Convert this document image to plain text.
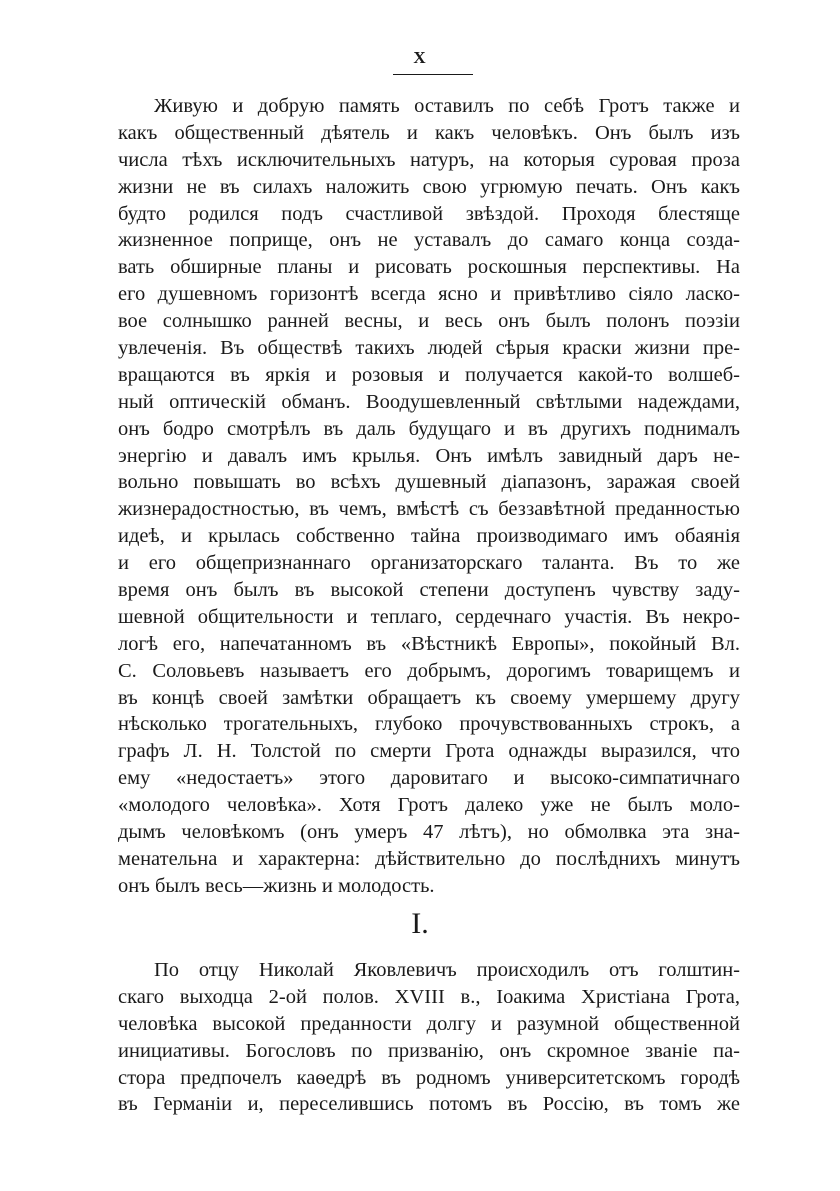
X
Живую и добрую память оставилъ по себѣ Гротъ также и
какъ общественный дѣятель и какъ человѣкъ. Онъ былъ изъ
числа тѣхъ исключительныхъ натуръ, на которыя суровая проза
жизни не въ силахъ наложить свою угрюмую печать. Онъ какъ
будто родился подъ счастливой звѣздой. Проходя блестяще
жизненное поприще, онъ не уставалъ до самаго конца созда-
вать обширные планы и рисовать роскошныя перспективы. На
его душевномъ горизонтѣ всегда ясно и привѣтливо сіяло ласко-
вое солнышко ранней весны, и весь онъ былъ полонъ поэзіи
увлеченія. Въ обществѣ такихъ людей сѣрыя краски жизни пре-
вращаются въ яркія и розовыя и получается какой-то волшеб-
ный оптическій обманъ. Воодушевленный свѣтлыми надеждами,
онъ бодро смотрѣлъ въ даль будущаго и въ другихъ поднималъ
энергію и давалъ имъ крылья. Онъ имѣлъ завидный даръ не-
вольно повышать во всѣхъ душевный діапазонъ, заражая своей
жизнерадостностью, въ чемъ, вмѣстѣ съ беззавѣтной преданностью
идеѣ, и крылась собственно тайна производимаго имъ обаянія
и его общепризнаннаго организаторскаго таланта. Въ то же
время онъ былъ въ высокой степени доступенъ чувству заду-
шевной общительности и теплаго, сердечнаго участія. Въ некро-
логѣ его, напечатанномъ въ «Вѣстникѣ Европы», покойный Вл.
С. Соловьевъ называетъ его добрымъ, дорогимъ товарищемъ и
въ концѣ своей замѣтки обращаетъ къ своему умершему другу
нѣсколько трогательныхъ, глубоко прочувствованныхъ строкъ, а
графъ Л. Н. Толстой по смерти Грота однажды выразился, что
ему «недостаетъ» этого даровитаго и высоко-симпатичнаго
«молодого человѣка». Хотя Гротъ далеко уже не былъ моло-
дымъ человѣкомъ (онъ умеръ 47 лѣтъ), но обмолвка эта зна-
менательна и характерна: дѣйствительно до послѣднихъ минутъ
онъ былъ весь—жизнь и молодость.
I.
По отцу Николай Яковлевичъ происходилъ отъ голштин-
скаго выходца 2-ой полов. XVIII в., Іоакима Христіана Грота,
человѣка высокой преданности долгу и разумной общественной
инициативы. Богословъ по призванію, онъ скромное званіе па-
стора предпочелъ каѳедрѣ въ родномъ университетскомъ городѣ
въ Германіи и, переселившись потомъ въ Россію, въ томъ же
